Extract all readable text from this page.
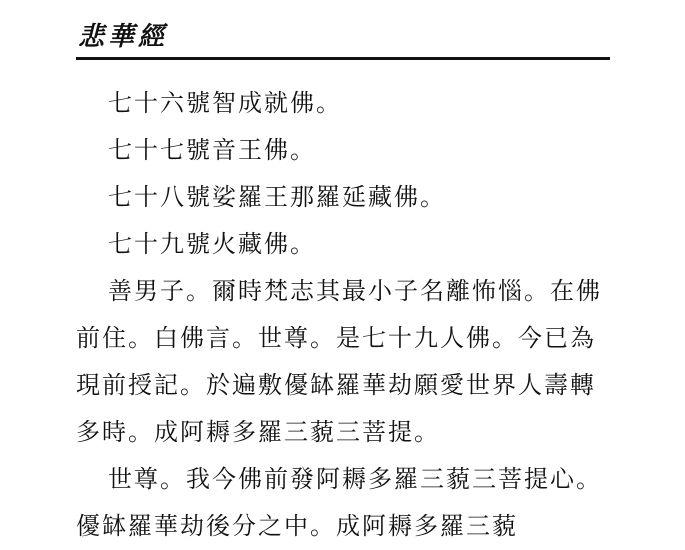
悲華經

七十六號智成就佛。

七十七號音王佛。

七十八號娑羅王那羅延藏佛。

七十九號火藏佛。

善男子。爾時梵志其最小子名離怖惱。在佛前住。白佛言。世尊。是七十九人佛。今已為現前授記。於遍敷優缽羅華劫願愛世界人壽轉多時。成阿耨多羅三藐三菩提。

世尊。我今佛前發阿耨多羅三藐三菩提心。優缽羅華劫後分之中。成阿耨多羅三藐
